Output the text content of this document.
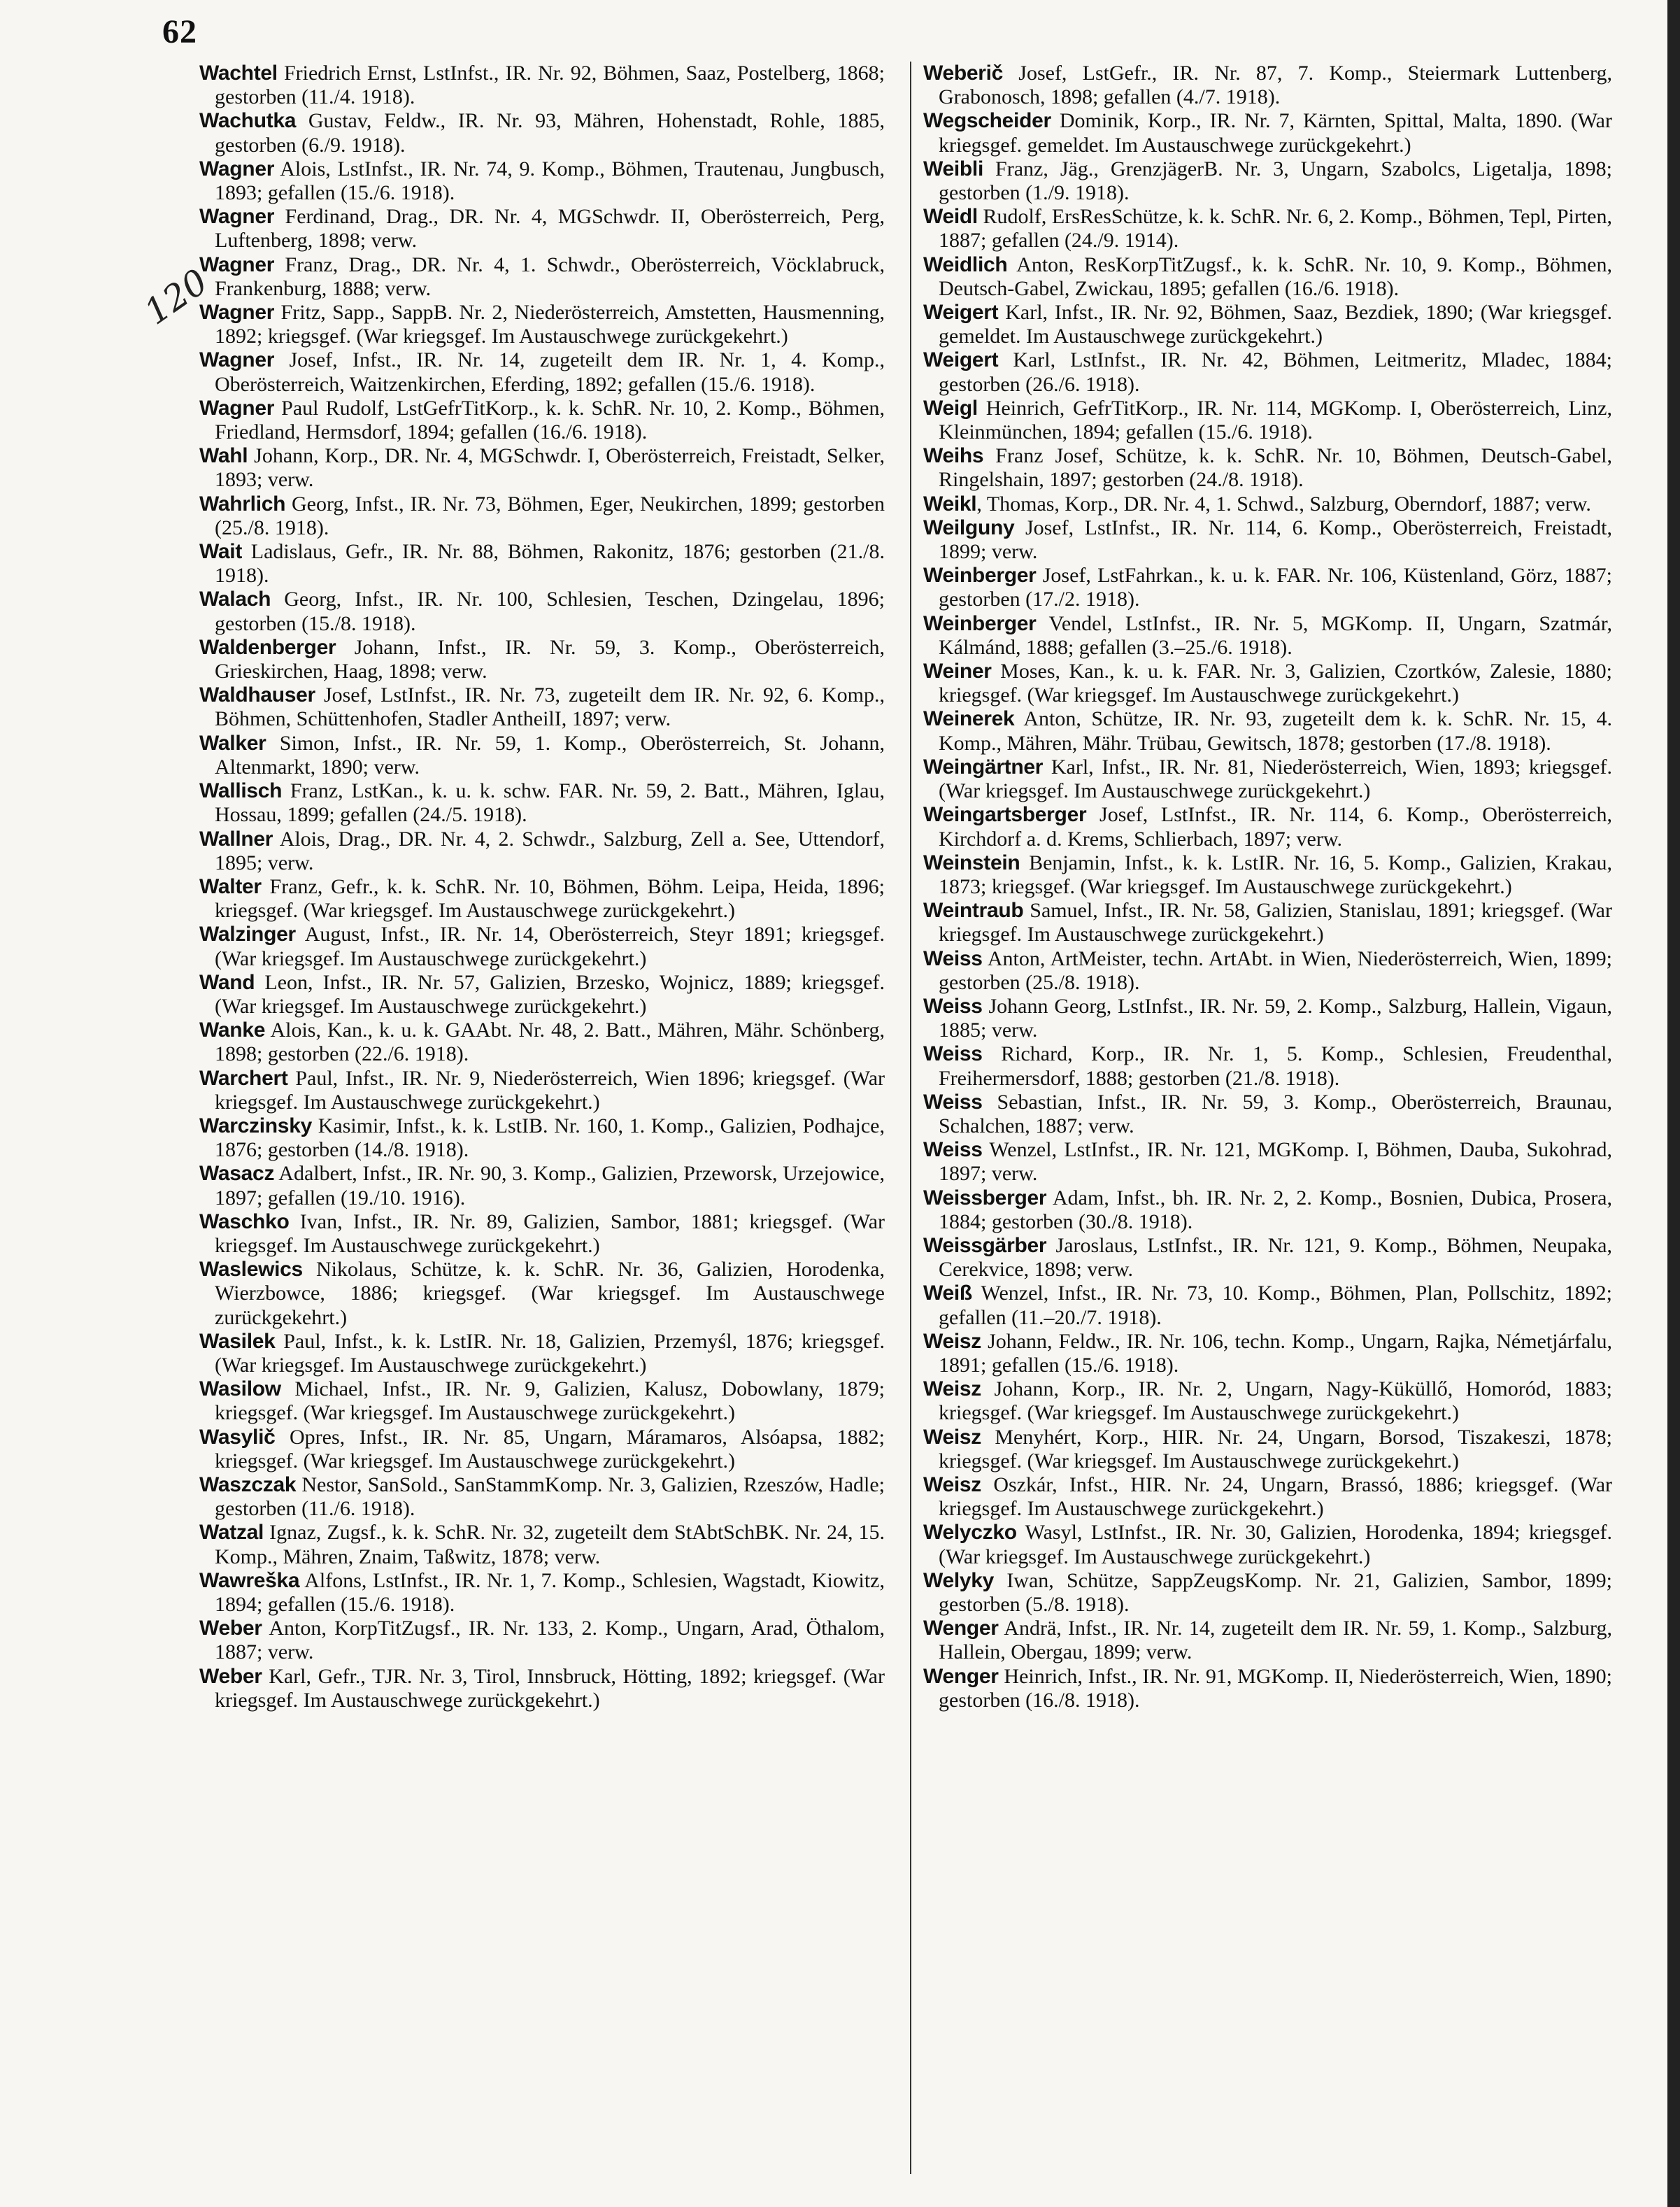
62
120

Wachtel Friedrich Ernst, LstInfst., IR. Nr. 92, Böhmen, Saaz, Postelberg, 1868; gestorben (11./4. 1918).

Wachutka Gustav, Feldw., IR. Nr. 93, Mähren, Hohenstadt, Rohle, 1885, gestorben (6./9. 1918).

Wagner Alois, LstInfst., IR. Nr. 74, 9. Komp., Böhmen, Trautenau, Jungbusch, 1893; gefallen (15./6. 1918).

Wagner Ferdinand, Drag., DR. Nr. 4, MGSchwdr. II, Oberösterreich, Perg, Luftenberg, 1898; verw.

Wagner Franz, Drag., DR. Nr. 4, 1. Schwdr., Oberösterreich, Vöcklabruck, Frankenburg, 1888; verw.

Wagner Fritz, Sapp., SappB. Nr. 2, Niederösterreich, Amstetten, Hausmenning, 1892; kriegsgef. (War kriegsgef. Im Austauschwege zurückgekehrt.)

Wagner Josef, Infst., IR. Nr. 14, zugeteilt dem IR. Nr. 1, 4. Komp., Oberösterreich, Waitzenkirchen, Eferding, 1892; gefallen (15./6. 1918).

Wagner Paul Rudolf, LstGefrTitKorp., k. k. SchR. Nr. 10, 2. Komp., Böhmen, Friedland, Hermsdorf, 1894; gefallen (16./6. 1918).

Wahl Johann, Korp., DR. Nr. 4, MGSchwdr. I, Oberösterreich, Freistadt, Selker, 1893; verw.

Wahrlich Georg, Infst., IR. Nr. 73, Böhmen, Eger, Neukirchen, 1899; gestorben (25./8. 1918).

Wait Ladislaus, Gefr., IR. Nr. 88, Böhmen, Rakonitz, 1876; gestorben (21./8. 1918).

Walach Georg, Infst., IR. Nr. 100, Schlesien, Teschen, Dzingelau, 1896; gestorben (15./8. 1918).

Waldenberger Johann, Infst., IR. Nr. 59, 3. Komp., Oberösterreich, Grieskirchen, Haag, 1898; verw.

Waldhauser Josef, LstInfst., IR. Nr. 73, zugeteilt dem IR. Nr. 92, 6. Komp., Böhmen, Schüttenhofen, Stadler AntheilI, 1897; verw.

Walker Simon, Infst., IR. Nr. 59, 1. Komp., Oberösterreich, St. Johann, Altenmarkt, 1890; verw.

Wallisch Franz, LstKan., k. u. k. schw. FAR. Nr. 59, 2. Batt., Mähren, Iglau, Hossau, 1899; gefallen (24./5. 1918).

Wallner Alois, Drag., DR. Nr. 4, 2. Schwdr., Salzburg, Zell a. See, Uttendorf, 1895; verw.

Walter Franz, Gefr., k. k. SchR. Nr. 10, Böhmen, Böhm. Leipa, Heida, 1896; kriegsgef. (War kriegsgef. Im Austauschwege zurückgekehrt.)

Walzinger August, Infst., IR. Nr. 14, Oberösterreich, Steyr 1891; kriegsgef. (War kriegsgef. Im Austauschwege zurückgekehrt.)

Wand Leon, Infst., IR. Nr. 57, Galizien, Brzesko, Wojnicz, 1889; kriegsgef. (War kriegsgef. Im Austauschwege zurückgekehrt.)

Wanke Alois, Kan., k. u. k. GAAbt. Nr. 48, 2. Batt., Mähren, Mähr. Schönberg, 1898; gestorben (22./6. 1918).

Warchert Paul, Infst., IR. Nr. 9, Niederösterreich, Wien 1896; kriegsgef. (War kriegsgef. Im Austauschwege zurückgekehrt.)

Warczinsky Kasimir, Infst., k. k. LstIB. Nr. 160, 1. Komp., Galizien, Podhajce, 1876; gestorben (14./8. 1918).

Wasacz Adalbert, Infst., IR. Nr. 90, 3. Komp., Galizien, Przeworsk, Urzejowice, 1897; gefallen (19./10. 1916).

Waschko Ivan, Infst., IR. Nr. 89, Galizien, Sambor, 1881; kriegsgef. (War kriegsgef. Im Austauschwege zurückgekehrt.)

Waslewics Nikolaus, Schütze, k. k. SchR. Nr. 36, Galizien, Horodenka, Wierzbowce, 1886; kriegsgef. (War kriegsgef. Im Austauschwege zurückgekehrt.)

Wasilek Paul, Infst., k. k. LstIR. Nr. 18, Galizien, Przemyśl, 1876; kriegsgef. (War kriegsgef. Im Austauschwege zurückgekehrt.)

Wasilow Michael, Infst., IR. Nr. 9, Galizien, Kalusz, Dobowlany, 1879; kriegsgef. (War kriegsgef. Im Austauschwege zurückgekehrt.)

Wasylič Opres, Infst., IR. Nr. 85, Ungarn, Máramaros, Alsóapsa, 1882; kriegsgef. (War kriegsgef. Im Austauschwege zurückgekehrt.)

Waszczak Nestor, SanSold., SanStammKomp. Nr. 3, Galizien, Rzeszów, Hadle; gestorben (11./6. 1918).

Watzal Ignaz, Zugsf., k. k. SchR. Nr. 32, zugeteilt dem StAbtSchBK. Nr. 24, 15. Komp., Mähren, Znaim, Taßwitz, 1878; verw.

Wawreška Alfons, LstInfst., IR. Nr. 1, 7. Komp., Schlesien, Wagstadt, Kiowitz, 1894; gefallen (15./6. 1918).

Weber Anton, KorpTitZugsf., IR. Nr. 133, 2. Komp., Ungarn, Arad, Öthalom, 1887; verw.

Weber Karl, Gefr., TJR. Nr. 3, Tirol, Innsbruck, Hötting, 1892; kriegsgef. (War kriegsgef. Im Austauschwege zurückgekehrt.)

Weberič Josef, LstGefr., IR. Nr. 87, 7. Komp., Steiermark Luttenberg, Grabonosch, 1898; gefallen (4./7. 1918).

Wegscheider Dominik, Korp., IR. Nr. 7, Kärnten, Spittal, Malta, 1890. (War kriegsgef. gemeldet. Im Austauschwege zurückgekehrt.)

Weibli Franz, Jäg., GrenzjägerB. Nr. 3, Ungarn, Szabolcs, Ligetalja, 1898; gestorben (1./9. 1918).

Weidl Rudolf, ErsResSchütze, k. k. SchR. Nr. 6, 2. Komp., Böhmen, Tepl, Pirten, 1887; gefallen (24./9. 1914).

Weidlich Anton, ResKorpTitZugsf., k. k. SchR. Nr. 10, 9. Komp., Böhmen, Deutsch-Gabel, Zwickau, 1895; gefallen (16./6. 1918).

Weigert Karl, Infst., IR. Nr. 92, Böhmen, Saaz, Bezdiek, 1890; (War kriegsgef. gemeldet. Im Austauschwege zurückgekehrt.)

Weigert Karl, LstInfst., IR. Nr. 42, Böhmen, Leitmeritz, Mladec, 1884; gestorben (26./6. 1918).

Weigl Heinrich, GefrTitKorp., IR. Nr. 114, MGKomp. I, Oberösterreich, Linz, Kleinmünchen, 1894; gefallen (15./6. 1918).

Weihs Franz Josef, Schütze, k. k. SchR. Nr. 10, Böhmen, Deutsch-Gabel, Ringelshain, 1897; gestorben (24./8. 1918).

Weikl, Thomas, Korp., DR. Nr. 4, 1. Schwd., Salzburg, Oberndorf, 1887; verw.

Weilguny Josef, LstInfst., IR. Nr. 114, 6. Komp., Oberösterreich, Freistadt, 1899; verw.

Weinberger Josef, LstFahrkan., k. u. k. FAR. Nr. 106, Küstenland, Görz, 1887; gestorben (17./2. 1918).

Weinberger Vendel, LstInfst., IR. Nr. 5, MGKomp. II, Ungarn, Szatmár, Kálmánd, 1888; gefallen (3.–25./6. 1918).

Weiner Moses, Kan., k. u. k. FAR. Nr. 3, Galizien, Czortków, Zalesie, 1880; kriegsgef. (War kriegsgef. Im Austauschwege zurückgekehrt.)

Weinerek Anton, Schütze, IR. Nr. 93, zugeteilt dem k. k. SchR. Nr. 15, 4. Komp., Mähren, Mähr. Trübau, Gewitsch, 1878; gestorben (17./8. 1918).

Weingärtner Karl, Infst., IR. Nr. 81, Niederösterreich, Wien, 1893; kriegsgef. (War kriegsgef. Im Austauschwege zurückgekehrt.)

Weingartsberger Josef, LstInfst., IR. Nr. 114, 6. Komp., Oberösterreich, Kirchdorf a. d. Krems, Schlierbach, 1897; verw.

Weinstein Benjamin, Infst., k. k. LstIR. Nr. 16, 5. Komp., Galizien, Krakau, 1873; kriegsgef. (War kriegsgef. Im Austauschwege zurückgekehrt.)

Weintraub Samuel, Infst., IR. Nr. 58, Galizien, Stanislau, 1891; kriegsgef. (War kriegsgef. Im Austauschwege zurückgekehrt.)

Weiss Anton, ArtMeister, techn. ArtAbt. in Wien, Niederösterreich, Wien, 1899; gestorben (25./8. 1918).

Weiss Johann Georg, LstInfst., IR. Nr. 59, 2. Komp., Salzburg, Hallein, Vigaun, 1885; verw.

Weiss Richard, Korp., IR. Nr. 1, 5. Komp., Schlesien, Freudenthal, Freihermersdorf, 1888; gestorben (21./8. 1918).

Weiss Sebastian, Infst., IR. Nr. 59, 3. Komp., Oberösterreich, Braunau, Schalchen, 1887; verw.

Weiss Wenzel, LstInfst., IR. Nr. 121, MGKomp. I, Böhmen, Dauba, Sukohrad, 1897; verw.

Weissberger Adam, Infst., bh. IR. Nr. 2, 2. Komp., Bosnien, Dubica, Prosera, 1884; gestorben (30./8. 1918).

Weissgärber Jaroslaus, LstInfst., IR. Nr. 121, 9. Komp., Böhmen, Neupaka, Cerekvice, 1898; verw.

Weiß Wenzel, Infst., IR. Nr. 73, 10. Komp., Böhmen, Plan, Pollschitz, 1892; gefallen (11.–20./7. 1918).

Weisz Johann, Feldw., IR. Nr. 106, techn. Komp., Ungarn, Rajka, Németjárfalu, 1891; gefallen (15./6. 1918).

Weisz Johann, Korp., IR. Nr. 2, Ungarn, Nagy-Küküllő, Homoród, 1883; kriegsgef. (War kriegsgef. Im Austauschwege zurückgekehrt.)

Weisz Menyhért, Korp., HIR. Nr. 24, Ungarn, Borsod, Tiszakeszi, 1878; kriegsgef. (War kriegsgef. Im Austauschwege zurückgekehrt.)

Weisz Oszkár, Infst., HIR. Nr. 24, Ungarn, Brassó, 1886; kriegsgef. (War kriegsgef. Im Austauschwege zurückgekehrt.)

Welyczko Wasyl, LstInfst., IR. Nr. 30, Galizien, Horodenka, 1894; kriegsgef. (War kriegsgef. Im Austauschwege zurückgekehrt.)

Welyky Iwan, Schütze, SappZeugsKomp. Nr. 21, Galizien, Sambor, 1899; gestorben (5./8. 1918).

Wenger Andrä, Infst., IR. Nr. 14, zugeteilt dem IR. Nr. 59, 1. Komp., Salzburg, Hallein, Obergau, 1899; verw.

Wenger Heinrich, Infst., IR. Nr. 91, MGKomp. II, Niederösterreich, Wien, 1890; gestorben (16./8. 1918).
